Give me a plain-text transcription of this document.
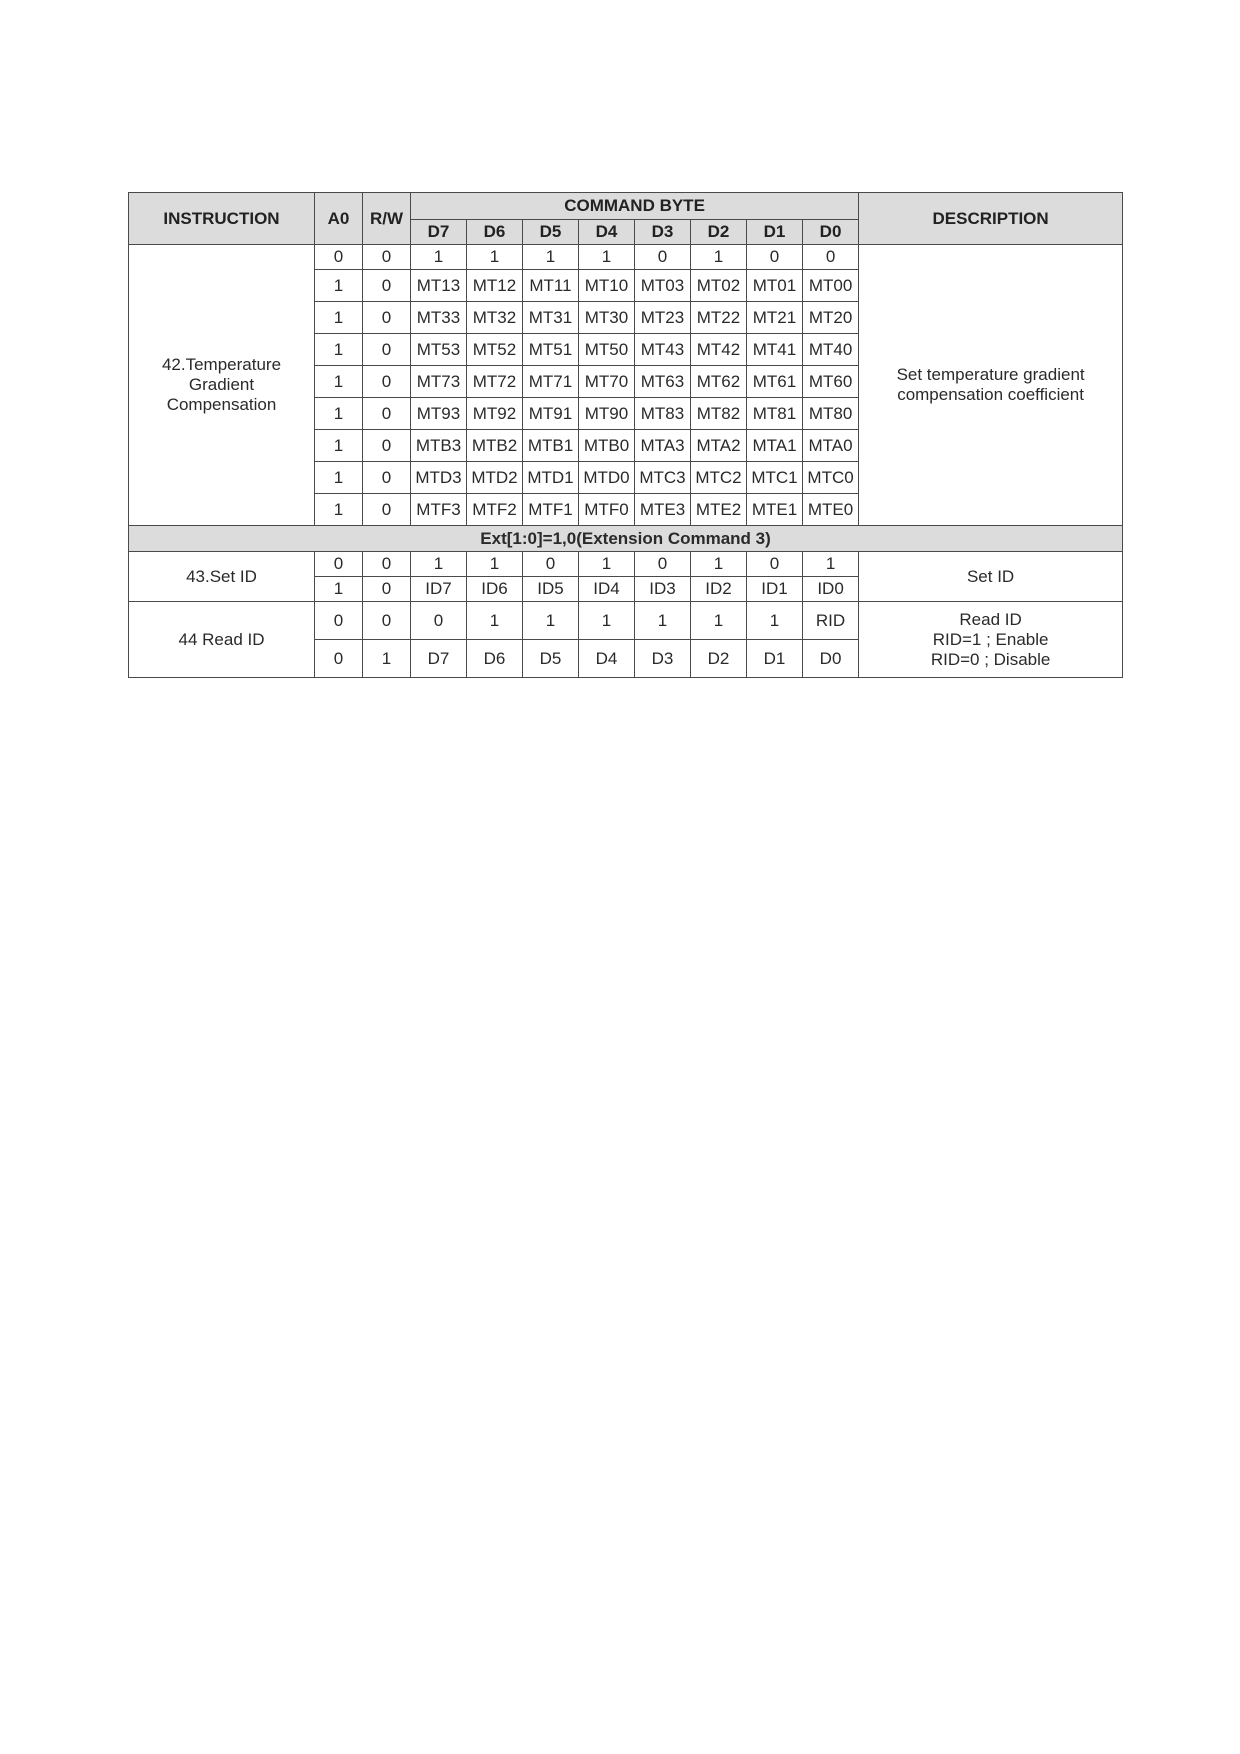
INSTRUCTION	A0	R/W	COMMAND BYTE								DESCRIPTION
			D7	D6	D5	D4	D3	D2	D1	D0	

42.Temperature
Gradient
Compensation	0	0	1	1	1	1	0	1	0	0	Set temperature gradient
compensation coefficient

	1	0	MT13	MT12	MT11	MT10	MT03	MT02	MT01	MT00	
	1	0	MT33	MT32	MT31	MT30	MT23	MT22	MT21	MT20	
	1	0	MT53	MT52	MT51	MT50	MT43	MT42	MT41	MT40	
	1	0	MT73	MT72	MT71	MT70	MT63	MT62	MT61	MT60	
	1	0	MT93	MT92	MT91	MT90	MT83	MT82	MT81	MT80	
	1	0	MTB3	MTB2	MTB1	MTB0	MTA3	MTA2	MTA1	MTA0	
	1	0	MTD3	MTD2	MTD1	MTD0	MTC3	MTC2	MTC1	MTC0	
	1	0	MTF3	MTF2	MTF1	MTF0	MTE3	MTE2	MTE1	MTE0	
Ext[1:0]=1,0(Extension Command 3)											
43.Set ID	0	0	1	1	0	1	0	1	0	1	Set ID
	1	0	ID7	ID6	ID5	ID4	ID3	ID2	ID1	ID0	
44 Read ID	0	0	0	1	1	1	1	1	1	RID	Read ID
RID=1 ; Enable
RID=0 ; Disable

	0	1	D7	D6	D5	D4	D3	D2	D1	D0	
